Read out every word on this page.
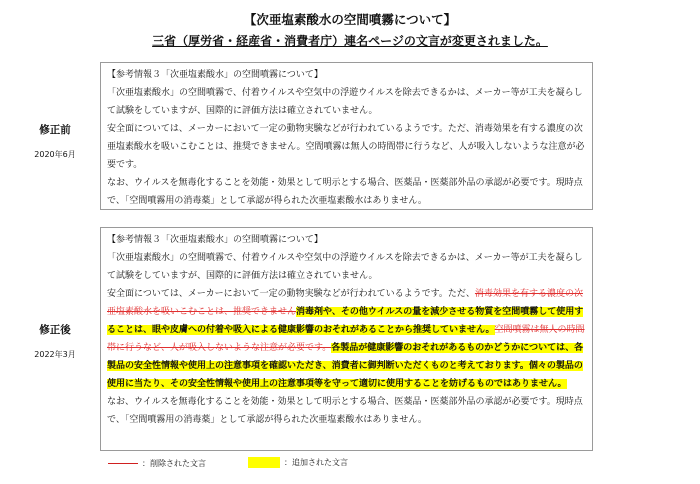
【次亜塩素酸水の空間噴霧について】
三省（厚労省・経産省・消費者庁）連名ページの文言が変更されました。
修正前
2020年6月

【参考情報３「次亜塩素酸水」の空間噴霧について】

「次亜塩素酸水」の空間噴霧で、付着ウイルスや空気中の浮遊ウイルスを除去できるかは、メーカー等が工夫を凝らして試験をしていますが、国際的に評価方法は確立されていません。

安全面については、メーカーにおいて一定の動物実験などが行われているようです。ただ、消毒効果を有する濃度の次亜塩素酸水を吸いこむことは、推奨できません。空間噴霧は無人の時間帯に行うなど、人が吸入しないような注意が必要です。

なお、ウイルスを無毒化することを効能・効果として明示とする場合、医薬品・医薬部外品の承認が必要です。現時点で、「空間噴霧用の消毒薬」として承認が得られた次亜塩素酸水はありません。

修正後
2022年3月

【参考情報３「次亜塩素酸水」の空間噴霧について】

「次亜塩素酸水」の空間噴霧で、付着ウイルスや空気中の浮遊ウイルスを除去できるかは、メーカー等が工夫を凝らして試験をしていますが、国際的に評価方法は確立されていません。

安全面については、メーカーにおいて一定の動物実験などが行われているようです。ただ、消毒効果を有する濃度の次亜塩素酸水を吸いこむことは、推奨できません消毒剤や、その他ウイルスの量を減少させる物質を空間噴霧して使用することは、眼や皮膚への付着や吸入による健康影響のおそれがあることから推奨していません。空間噴霧は無人の時間帯に行うなど、人が吸入しないような注意が必要です。各製品が健康影響のおそれがあるものかどうかについては、各製品の安全性情報や使用上の注意事項を確認いただき、消費者に御判断いただくものと考えております。個々の製品の使用に当たり、その安全性情報や使用上の注意事項等を守って適切に使用することを妨げるものではありません。

なお、ウイルスを無毒化することを効能・効果として明示とする場合、医薬品・医薬部外品の承認が必要です。現時点で、「空間噴霧用の消毒薬」として承認が得られた次亜塩素酸水はありません。

：削除された文言	：追加された文言
